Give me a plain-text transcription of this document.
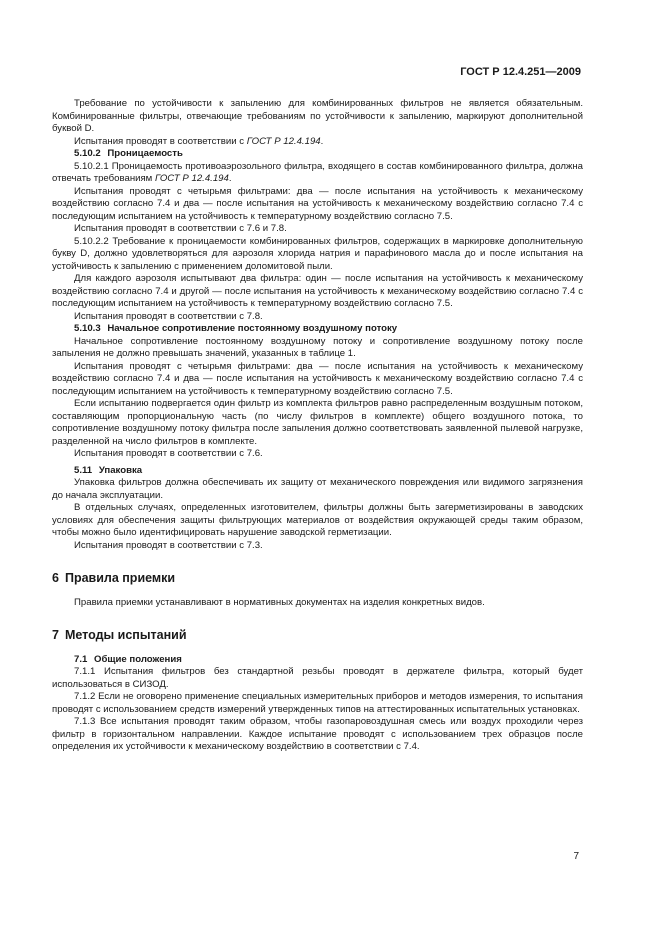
ГОСТ Р 12.4.251—2009

Требование по устойчивости к запылению для комбинированных фильтров не является обязательным. Комбинированные фильтры, отвечающие требованиям по устойчивости к запылению, маркируют дополнительной буквой D.

Испытания проводят в соответствии с ГОСТ Р 12.4.194.

5.10.2 Проницаемость

5.10.2.1 Проницаемость противоаэрозольного фильтра, входящего в состав комбинированного фильтра, должна отвечать требованиям ГОСТ Р 12.4.194.

Испытания проводят с четырьмя фильтрами: два — после испытания на устойчивость к механическому воздействию согласно 7.4 и два — после испытания на устойчивость к механическому воздействию согласно 7.4 с последующим испытанием на устойчивость к температурному воздействию согласно 7.5.

Испытания проводят в соответствии с 7.6 и 7.8.

5.10.2.2 Требование к проницаемости комбинированных фильтров, содержащих в маркировке дополнительную букву D, должно удовлетворяться для аэрозоля хлорида натрия и парафинового масла до и после испытания на устойчивость к запылению с применением доломитовой пыли.

Для каждого аэрозоля испытывают два фильтра: один — после испытания на устойчивость к механическому воздействию согласно 7.4 и другой — после испытания на устойчивость к механическому воздействию согласно 7.4 с последующим испытанием на устойчивость к температурному воздействию согласно 7.5.

Испытания проводят в соответствии с 7.8.

5.10.3 Начальное сопротивление постоянному воздушному потоку

Начальное сопротивление постоянному воздушному потоку и сопротивление воздушному потоку после запыления не должно превышать значений, указанных в таблице 1.

Испытания проводят с четырьмя фильтрами: два — после испытания на устойчивость к механическому воздействию согласно 7.4 и два — после испытания на устойчивость к механическому воздействию согласно 7.4 с последующим испытанием на устойчивость к температурному воздействию согласно 7.5.

Если испытанию подвергается один фильтр из комплекта фильтров равно распределенным воздушным потоком, составляющим пропорциональную часть (по числу фильтров в комплекте) общего воздушного потока, то сопротивление воздушному потоку фильтра после запыления должно соответствовать заявленной пылевой нагрузке, разделенной на число фильтров в комплекте.

Испытания проводят в соответствии с 7.6.

5.11 Упаковка

Упаковка фильтров должна обеспечивать их защиту от механического повреждения или видимого загрязнения до начала эксплуатации.

В отдельных случаях, определенных изготовителем, фильтры должны быть загерметизированы в заводских условиях для обеспечения защиты фильтрующих материалов от воздействия окружающей среды таким образом, чтобы можно было идентифицировать нарушение заводской герметизации.

Испытания проводят в соответствии с 7.3.

6 Правила приемки

Правила приемки устанавливают в нормативных документах на изделия конкретных видов.

7 Методы испытаний
7.1 Общие положения

7.1.1 Испытания фильтров без стандартной резьбы проводят в держателе фильтра, который будет использоваться в СИЗОД.

7.1.2 Если не оговорено применение специальных измерительных приборов и методов измерения, то испытания проводят с использованием средств измерений утвержденных типов на аттестированных испытательных установках.

7.1.3 Все испытания проводят таким образом, чтобы газопаровоздушная смесь или воздух проходили через фильтр в горизонтальном направлении. Каждое испытание проводят с использованием трех образцов после определения их устойчивости к механическому воздействию в соответствии с 7.4.

7
